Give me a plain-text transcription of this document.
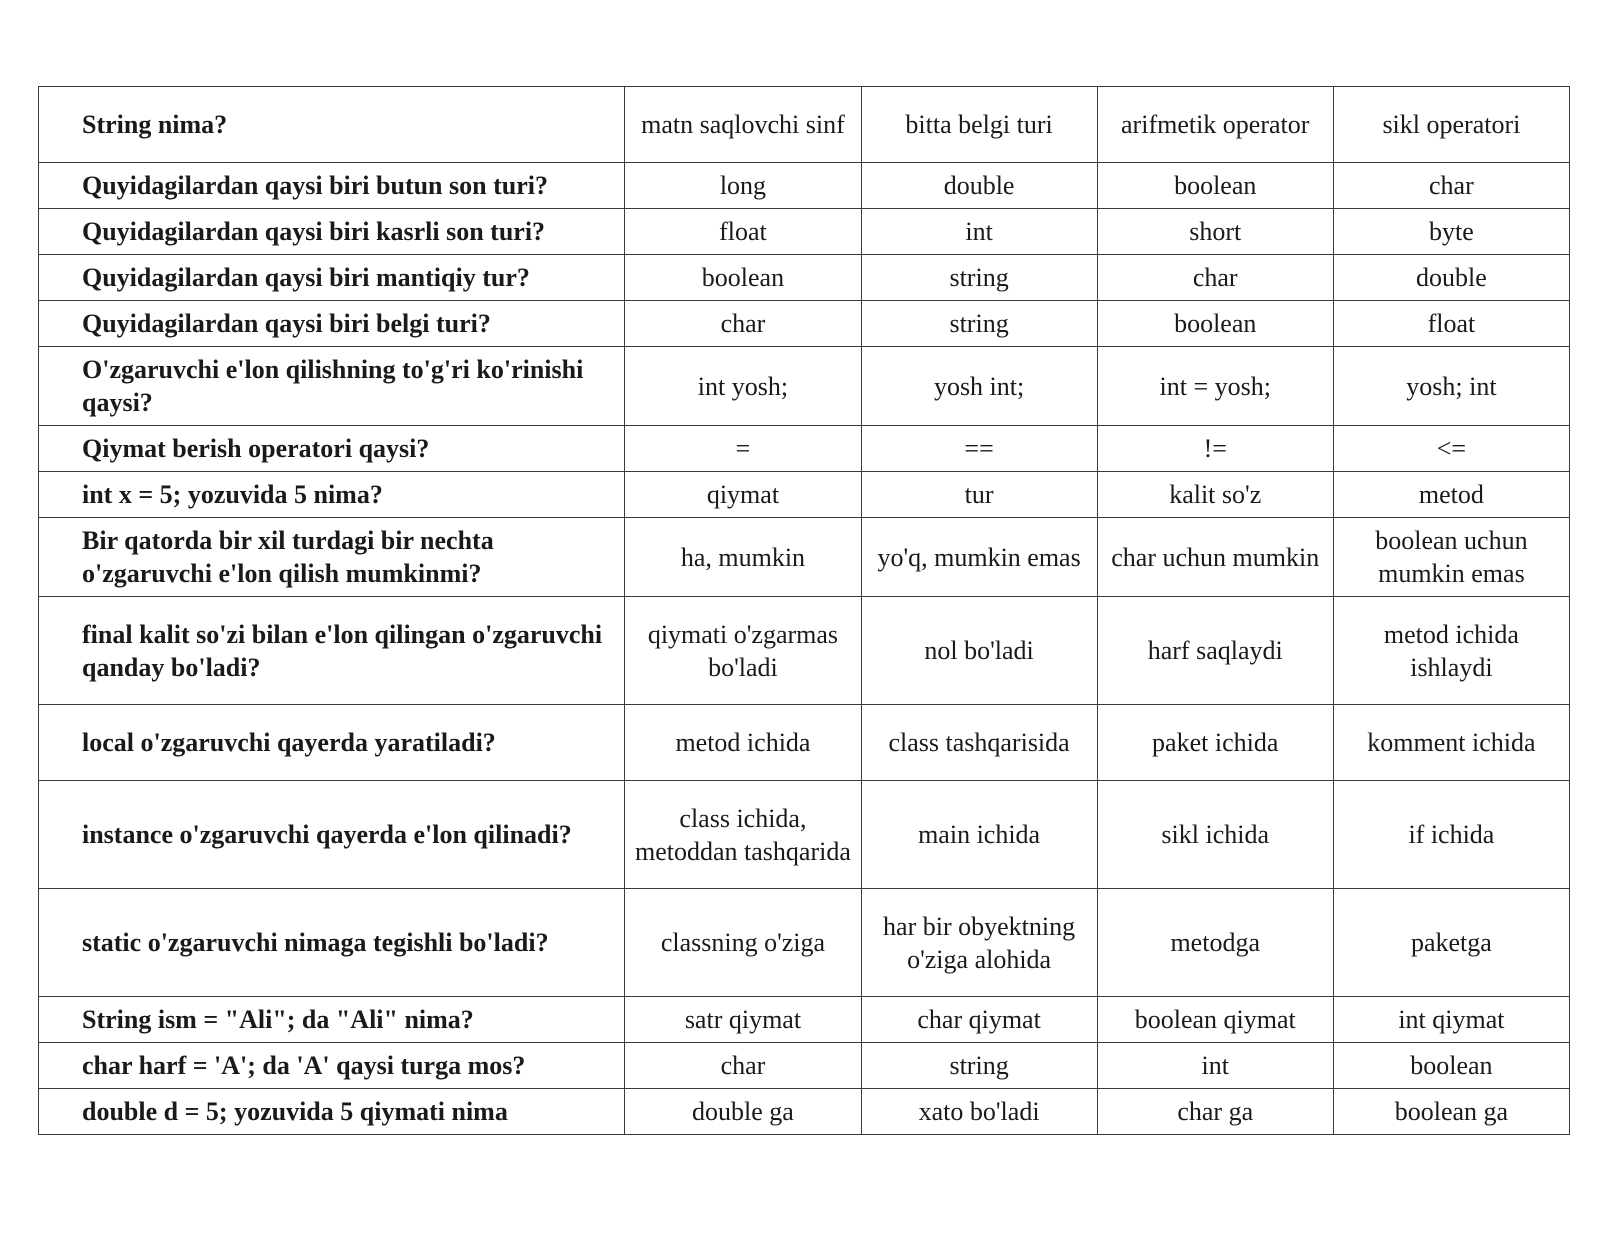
String nima?	matn saqlovchi sinf	bitta belgi turi	arifmetik operator	sikl operatori
Quyidagilardan qaysi biri butun son turi?	long	double	boolean	char
Quyidagilardan qaysi biri kasrli son turi?	float	int	short	byte
Quyidagilardan qaysi biri mantiqiy tur?	boolean	string	char	double
Quyidagilardan qaysi biri belgi turi?	char	string	boolean	float
O'zgaruvchi e'lon qilishning to'g'ri ko'rinishi qaysi?	int yosh;	yosh int;	int = yosh;	yosh; int
Qiymat berish operatori qaysi?	=	==	!=	<=
int x = 5; yozuvida 5 nima?	qiymat	tur	kalit so'z	metod
Bir qatorda bir xil turdagi bir nechta o'zgaruvchi e'lon qilish mumkinmi?	ha, mumkin	yo'q, mumkin emas	char uchun mumkin	boolean uchun mumkin emas
final kalit so'zi bilan e'lon qilingan o'zgaruvchi qanday bo'ladi?	qiymati o'zgarmas bo'ladi	nol bo'ladi	harf saqlaydi	metod ichida ishlaydi
local o'zgaruvchi qayerda yaratiladi?	metod ichida	class tashqarisida	paket ichida	komment ichida
instance o'zgaruvchi qayerda e'lon qilinadi?	class ichida, metoddan tashqarida	main ichida	sikl ichida	if ichida
static o'zgaruvchi nimaga tegishli bo'ladi?	classning o'ziga	har bir obyektning o'ziga alohida	metodga	paketga
String ism = "Ali"; da "Ali" nima?	satr qiymat	char qiymat	boolean qiymat	int qiymat
char harf = 'A'; da 'A' qaysi turga mos?	char	string	int	boolean
double d = 5; yozuvida 5 qiymati nima	double ga	xato bo'ladi	char ga	boolean ga
